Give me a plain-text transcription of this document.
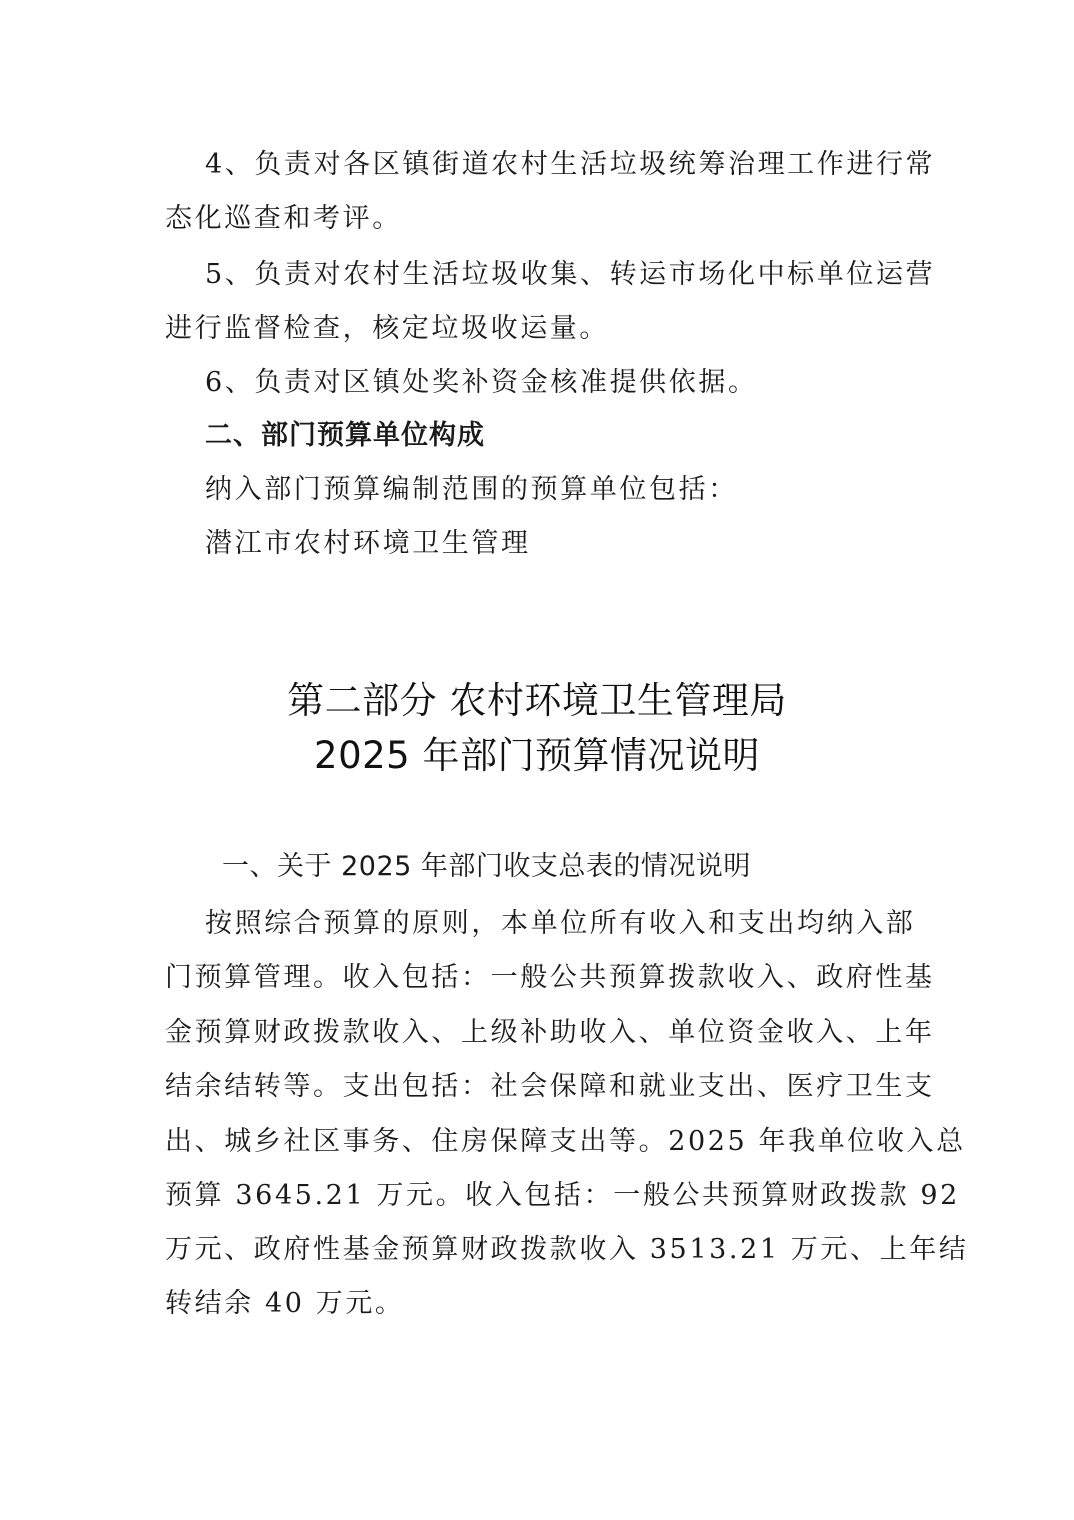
4、负责对各区镇街道农村生活垃圾统筹治理工作进行常
态化巡查和考评。
5、负责对农村生活垃圾收集、转运市场化中标单位运营
进行监督检查，核定垃圾收运量。
6、负责对区镇处奖补资金核准提供依据。
二、部门预算单位构成
纳入部门预算编制范围的预算单位包括：
潜江市农村环境卫生管理
第二部分 农村环境卫生管理局
2025 年部门预算情况说明
一、关于 2025 年部门收支总表的情况说明
按照综合预算的原则，本单位所有收入和支出均纳入部
门预算管理。收入包括：一般公共预算拨款收入、政府性基
金预算财政拨款收入、上级补助收入、单位资金收入、上年
结余结转等。支出包括：社会保障和就业支出、医疗卫生支
出、城乡社区事务、住房保障支出等。2025 年我单位收入总
预算 3645.21 万元。收入包括：一般公共预算财政拨款 92
万元、政府性基金预算财政拨款收入 3513.21 万元、上年结
转结余 40 万元。
